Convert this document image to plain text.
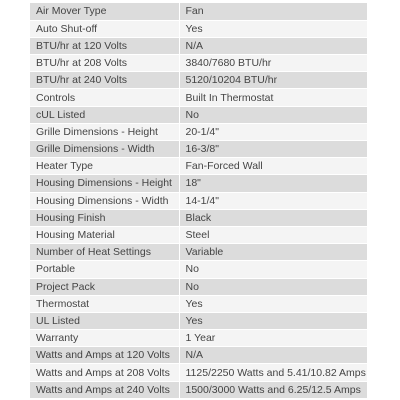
Air Mover Type	Fan
Auto Shut-off	Yes
BTU/hr at 120 Volts	N/A
BTU/hr at 208 Volts	3840/7680 BTU/hr
BTU/hr at 240 Volts	5120/10204 BTU/hr
Controls	Built In Thermostat
cUL Listed	No
Grille Dimensions - Height	20-1/4"
Grille Dimensions - Width	16-3/8"
Heater Type	Fan-Forced Wall
Housing Dimensions - Height	18"
Housing Dimensions - Width	14-1/4"
Housing Finish	Black
Housing Material	Steel
Number of Heat Settings	Variable
Portable	No
Project Pack	No
Thermostat	Yes
UL Listed	Yes
Warranty	1 Year
Watts and Amps at 120 Volts	N/A
Watts and Amps at 208 Volts	1125/2250 Watts and 5.41/10.82 Amps
Watts and Amps at 240 Volts	1500/3000 Watts and 6.25/12.5 Amps
